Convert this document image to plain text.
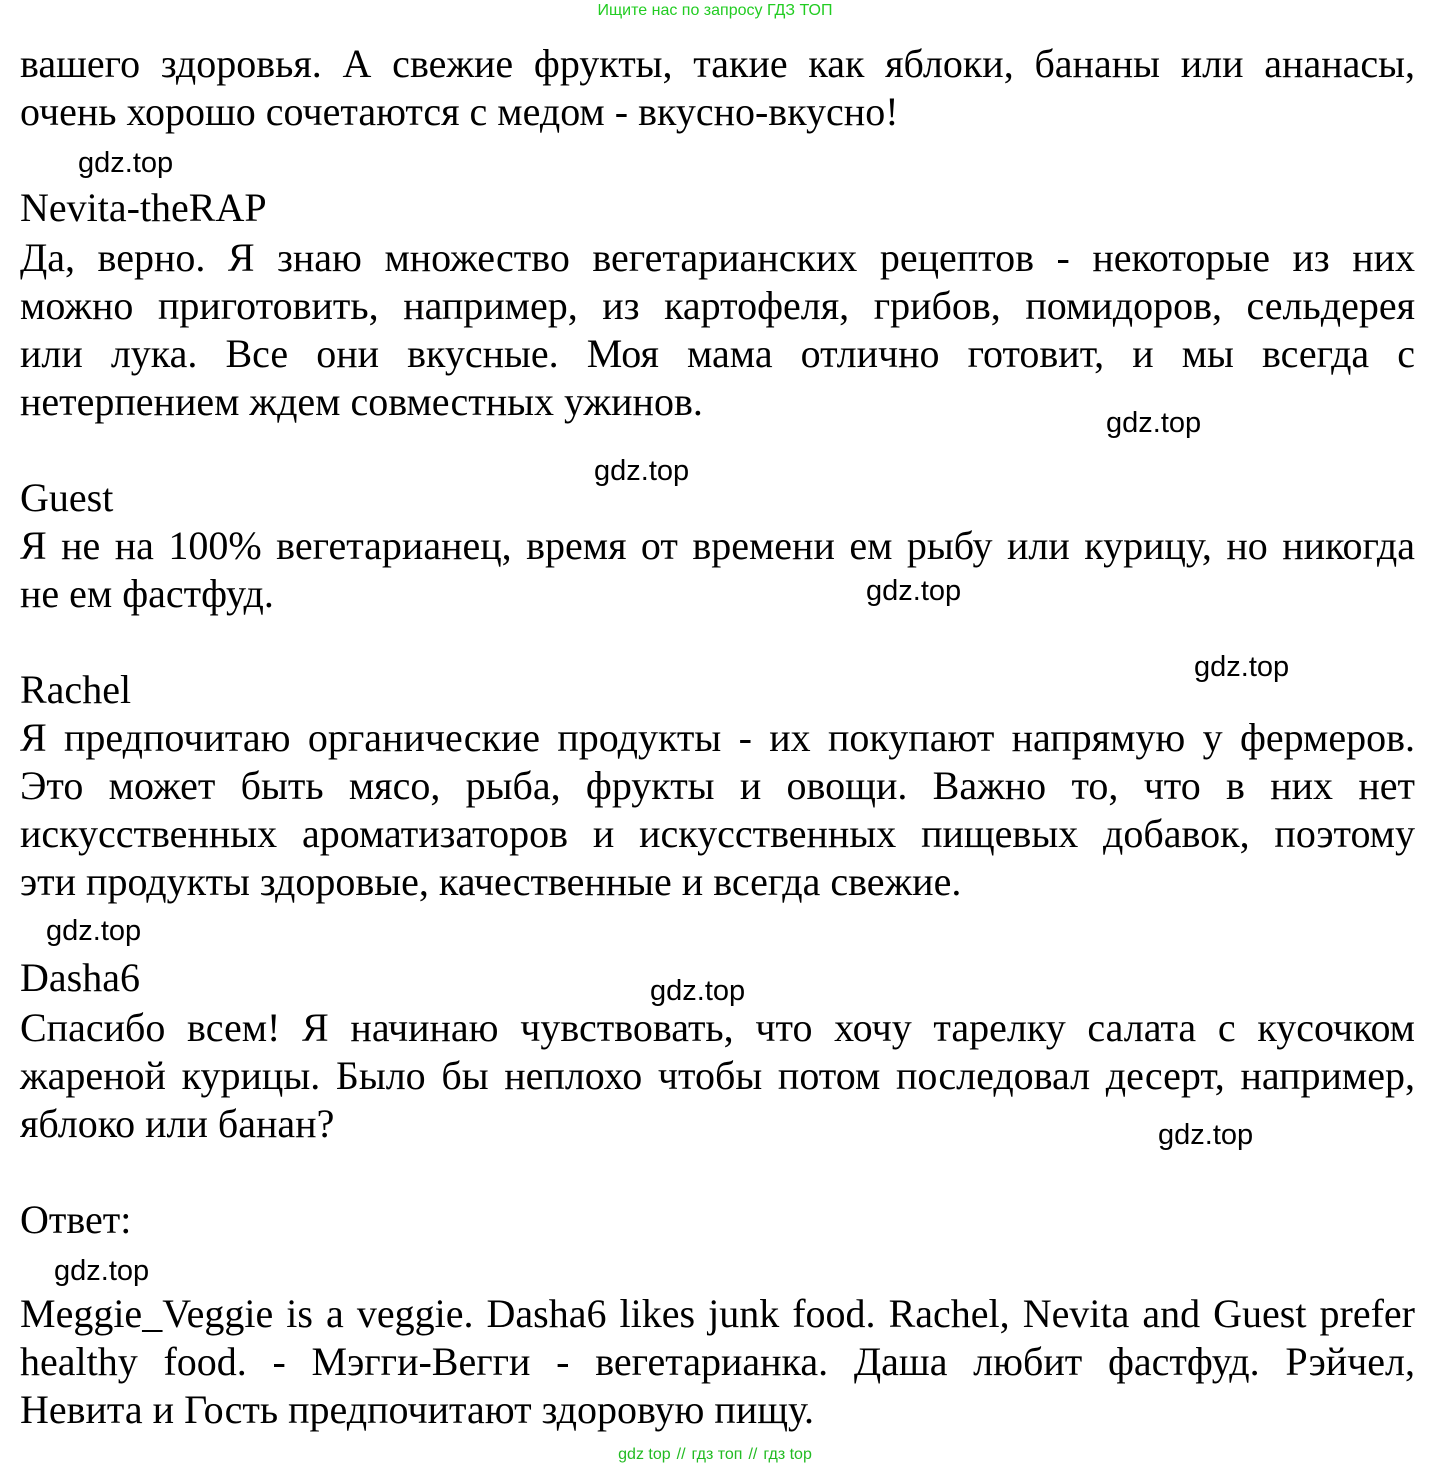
Ищите нас по запросу ГДЗ ТОП
вашего здоровья. А свежие фрукты, такие как яблоки, бананы или ананасы,
очень хорошо сочетаются с медом - вкусно-вкусно!
gdz.top
Nevita-theRAP
Да, верно. Я знаю множество вегетарианских рецептов - некоторые из них
можно приготовить, например, из картофеля, грибов, помидоров, сельдерея
или лука. Все они вкусные. Моя мама отлично готовит, и мы всегда с
нетерпением ждем совместных ужинов.	gdz.top
gdz.top
Guest
Я не на 100% вегетарианец, время от времени ем рыбу или курицу, но никогда
не ем фастфуд.	gdz.top
gdz.top
Rachel
Я предпочитаю органические продукты - их покупают напрямую у фермеров.
Это может быть мясо, рыба, фрукты и овощи. Важно то, что в них нет
искусственных ароматизаторов и искусственных пищевых добавок, поэтому
эти продукты здоровые, качественные и всегда свежие.
gdz.top
Dasha6	gdz.top
Спасибо всем! Я начинаю чувствовать, что хочу тарелку салата с кусочком
жареной курицы. Было бы неплохо чтобы потом последовал десерт, например,
яблоко или банан?	gdz.top
Ответ:
gdz.top
Meggie_Veggie is a veggie. Dasha6 likes junk food. Rachel, Nevita and Guest prefer
healthy food. - Мэгги-Вегги - вегетарианка. Даша любит фастфуд. Рэйчел,
Невита и Гость предпочитают здоровую пищу.
gdz top // гдз топ // гдз top
